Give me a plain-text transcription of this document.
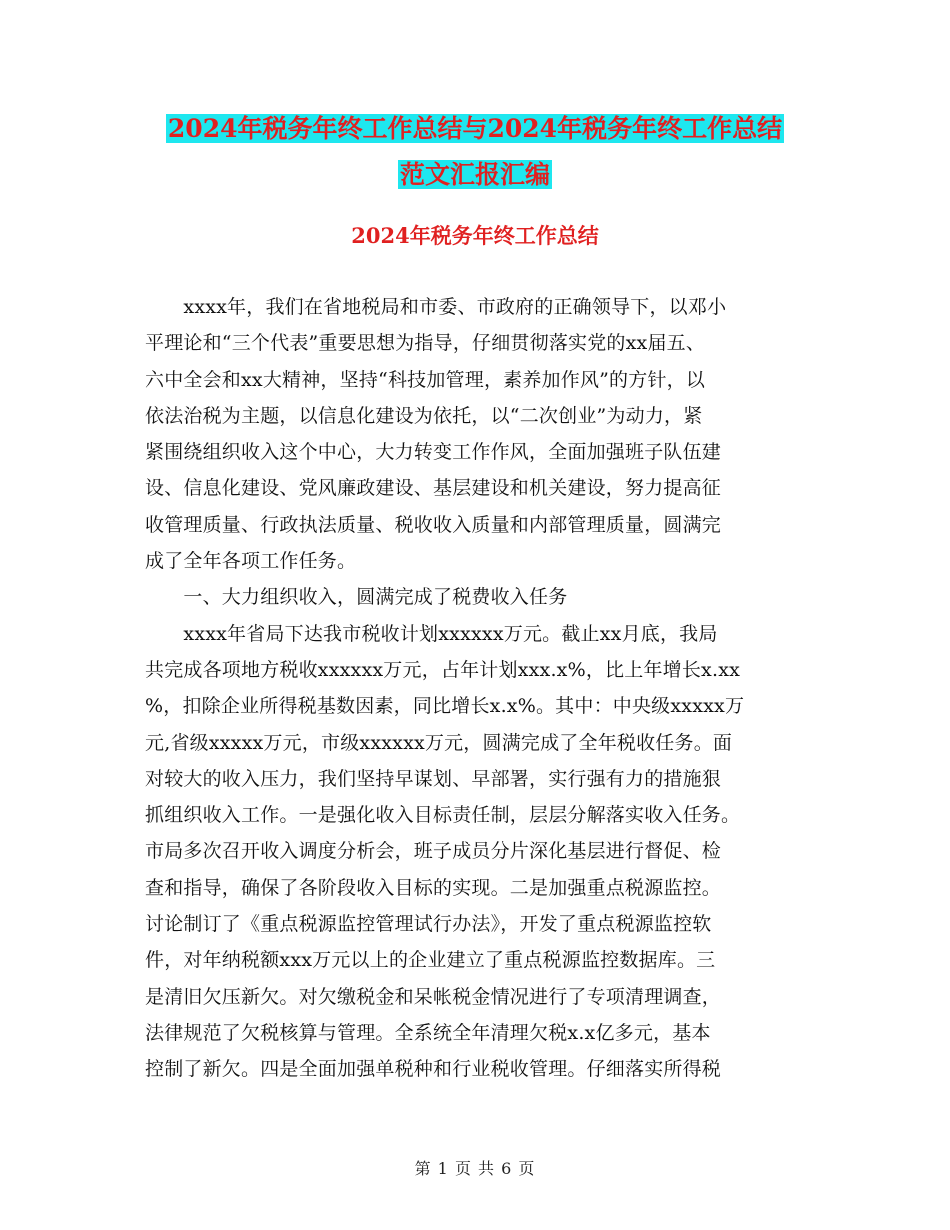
2024年税务年终工作总结与2024年税务年终工作总结
范文汇报汇编
2024年税务年终工作总结
　　xxxx年，我们在省地税局和市委、市政府的正确领导下，以邓小
平理论和“三个代表”重要思想为指导，仔细贯彻落实党的xx届五、
六中全会和xx大精神，坚持“科技加管理，素养加作风”的方针，以
依法治税为主题，以信息化建设为依托，以“二次创业”为动力，紧
紧围绕组织收入这个中心，大力转变工作作风，全面加强班子队伍建
设、信息化建设、党风廉政建设、基层建设和机关建设，努力提高征
收管理质量、行政执法质量、税收收入质量和内部管理质量，圆满完
成了全年各项工作任务。
　　一、大力组织收入，圆满完成了税费收入任务
　　xxxx年省局下达我市税收计划xxxxxx万元。截止xx月底，我局
共完成各项地方税收xxxxxx万元，占年计划xxx.x%，比上年增长x.xx
%，扣除企业所得税基数因素，同比增长x.x%。其中：中央级xxxxx万
元,省级xxxxx万元，市级xxxxxx万元，圆满完成了全年税收任务。面
对较大的收入压力，我们坚持早谋划、早部署，实行强有力的措施狠
抓组织收入工作。一是强化收入目标责任制，层层分解落实收入任务。
市局多次召开收入调度分析会，班子成员分片深化基层进行督促、检
查和指导，确保了各阶段收入目标的实现。二是加强重点税源监控。
讨论制订了《重点税源监控管理试行办法》，开发了重点税源监控软
件，对年纳税额xxx万元以上的企业建立了重点税源监控数据库。三
是清旧欠压新欠。对欠缴税金和呆帐税金情况进行了专项清理调查，
法律规范了欠税核算与管理。全系统全年清理欠税x.x亿多元，基本
控制了新欠。四是全面加强单税种和行业税收管理。仔细落实所得税
第 1 页 共 6 页
